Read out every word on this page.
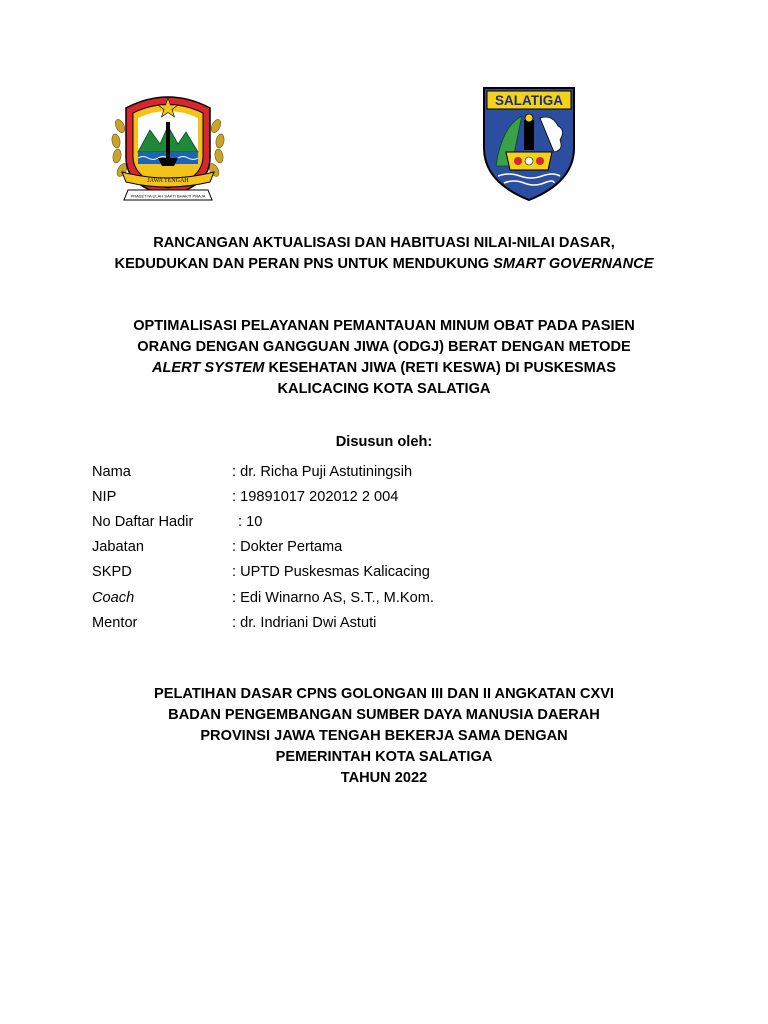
JAWA TENGAH
PRASETYA ULAH SAKTI BHAKTI PRAJA
SALATIGA
RANCANGAN AKTUALISASI DAN HABITUASI NILAI-NILAI DASAR,
KEDUDUKAN DAN PERAN PNS UNTUK MENDUKUNG SMART GOVERNANCE
OPTIMALISASI PELAYANAN PEMANTAUAN MINUM OBAT PADA PASIEN
ORANG DENGAN GANGGUAN JIWA (ODGJ) BERAT DENGAN METODE
ALERT SYSTEM KESEHATAN JIWA (RETI KESWA) DI PUSKESMAS
KALICACING KOTA SALATIGA
Disusun oleh:
Nama	: dr. Richa Puji Astutiningsih
NIP	: 19891017 202012 2 004
No Daftar Hadir	: 10
Jabatan	: Dokter Pertama
SKPD	: UPTD Puskesmas Kalicacing
Coach	: Edi Winarno AS, S.T., M.Kom.
Mentor	: dr. Indriani Dwi Astuti
PELATIHAN DASAR CPNS GOLONGAN III DAN II ANGKATAN CXVI
BADAN PENGEMBANGAN SUMBER DAYA MANUSIA DAERAH
PROVINSI JAWA TENGAH BEKERJA SAMA DENGAN
PEMERINTAH KOTA SALATIGA
TAHUN 2022
